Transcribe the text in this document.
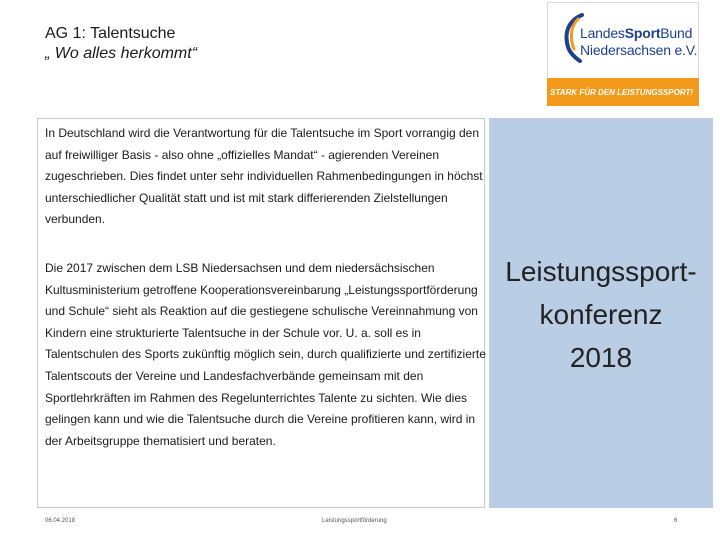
AG 1: Talentsuche
„ Wo alles herkommt“
LandesSportBund
Niedersachsen e.V.
STARK FÜR DEN LEISTUNGSSPORT!
In Deutschland wird die Verantwortung für die Talentsuche im Sport vorrangig den auf freiwilliger Basis - also ohne „offizielles Mandat“ - agierenden Vereinen zugeschrieben. Dies findet unter sehr individuellen Rahmenbedingungen in höchst unterschiedlicher Qualität statt und ist mit stark differierenden Zielstellungen verbunden.
Die 2017 zwischen dem LSB Niedersachsen und dem niedersächsischen Kultusministerium getroffene Kooperationsvereinbarung „Leistungssportförderung und Schule“ sieht als Reaktion auf die gestiegene schulische Vereinnahmung von Kindern eine strukturierte Talentsuche in der Schule vor. U. a. soll es in Talentschulen des Sports zukünftig möglich sein, durch qualifizierte und zertifizierte Talentscouts der Vereine und Landesfachverbände gemeinsam mit den Sportlehrkräften im Rahmen des Regelunterrichtes Talente zu sichten. Wie dies gelingen kann und wie die Talentsuche durch die Vereine profitieren kann, wird in der Arbeitsgruppe thematisiert und beraten.
Leistungssport-
konferenz
2018
06.04.2018	Leistungssportförderung	6
